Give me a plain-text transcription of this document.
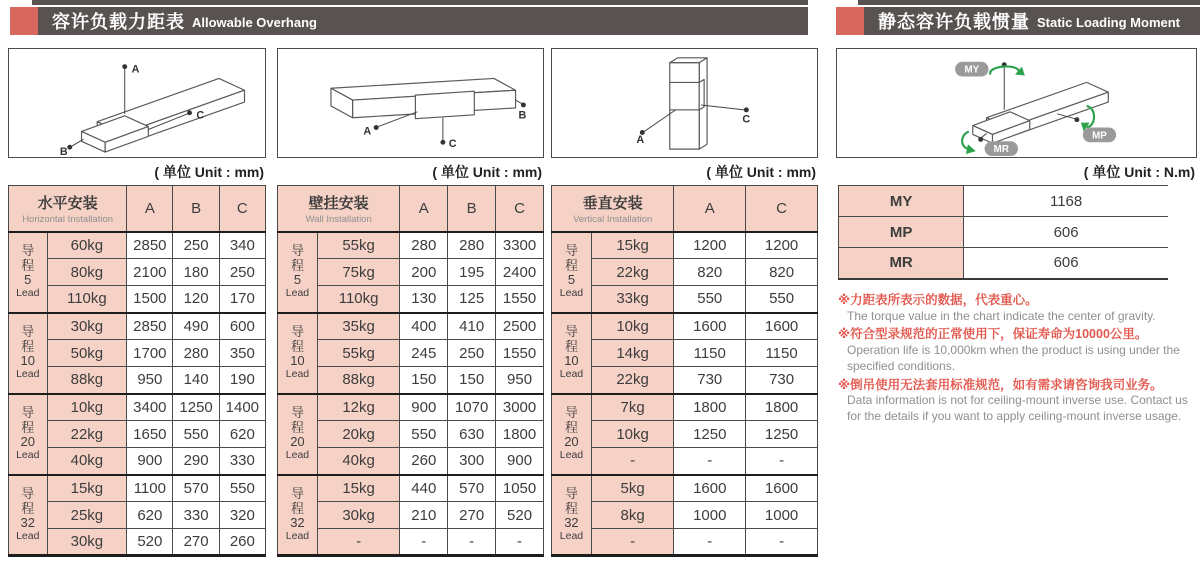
容许负载力距表 Allowable Overhang	静态容许负载惯量 Static Loading Moment
A
B
C
( 单位 Unit : mm)
水平安装
Horizontal Installation		A	B	C

导
程
5
Lead	60kg	2850	250	340
	80kg	2100	180	250
	110kg	1500	120	170

导
程
10
Lead	30kg	2850	490	600
	50kg	1700	280	350
	88kg	950	140	190

导
程
20
Lead	10kg	3400	1250	1400
	22kg	1650	550	620
	40kg	900	290	330

导
程
32
Lead	15kg	1100	570	550
	25kg	620	330	320
	30kg	520	270	260
A
B
C
( 单位 Unit : mm)
壁挂安装
Wall Installation		A	B	C

导
程
5
Lead	55kg	280	280	3300
	75kg	200	195	2400
	110kg	130	125	1550

导
程
10
Lead	35kg	400	410	2500
	55kg	245	250	1550
	88kg	150	150	950

导
程
20
Lead	12kg	900	1070	3000
	20kg	550	630	1800
	40kg	260	300	900

导
程
32
Lead	15kg	440	570	1050
	30kg	210	270	520
	-	-	-	-
A
C
( 单位 Unit : mm)
垂直安装
Vertical Installation		A	C

导
程
5
Lead	15kg	1200	1200
	22kg	820	820
	33kg	550	550

导
程
10
Lead	10kg	1600	1600
	14kg	1150	1150
	22kg	730	730

导
程
20
Lead	7kg	1800	1800
	10kg	1250	1250
	-	-	-

导
程
32
Lead	5kg	1600	1600
	8kg	1000	1000
	-	-	-
MY
MP
MR
( 单位 Unit : N.m)
MY	1168
MP	606
MR	606
※力距表所表示的数据，代表重心。
The torque value in the chart indicate the center of gravity.
※符合型录规范的正常使用下，保证寿命为10000公里。
Operation life is 10,000km when the product is using under the specified conditions.
※倒吊使用无法套用标准规范，如有需求请咨询我司业务。
Data information is not for ceiling-mount inverse use. Contact us for the details if you want to apply ceiling-mount inverse usage.
